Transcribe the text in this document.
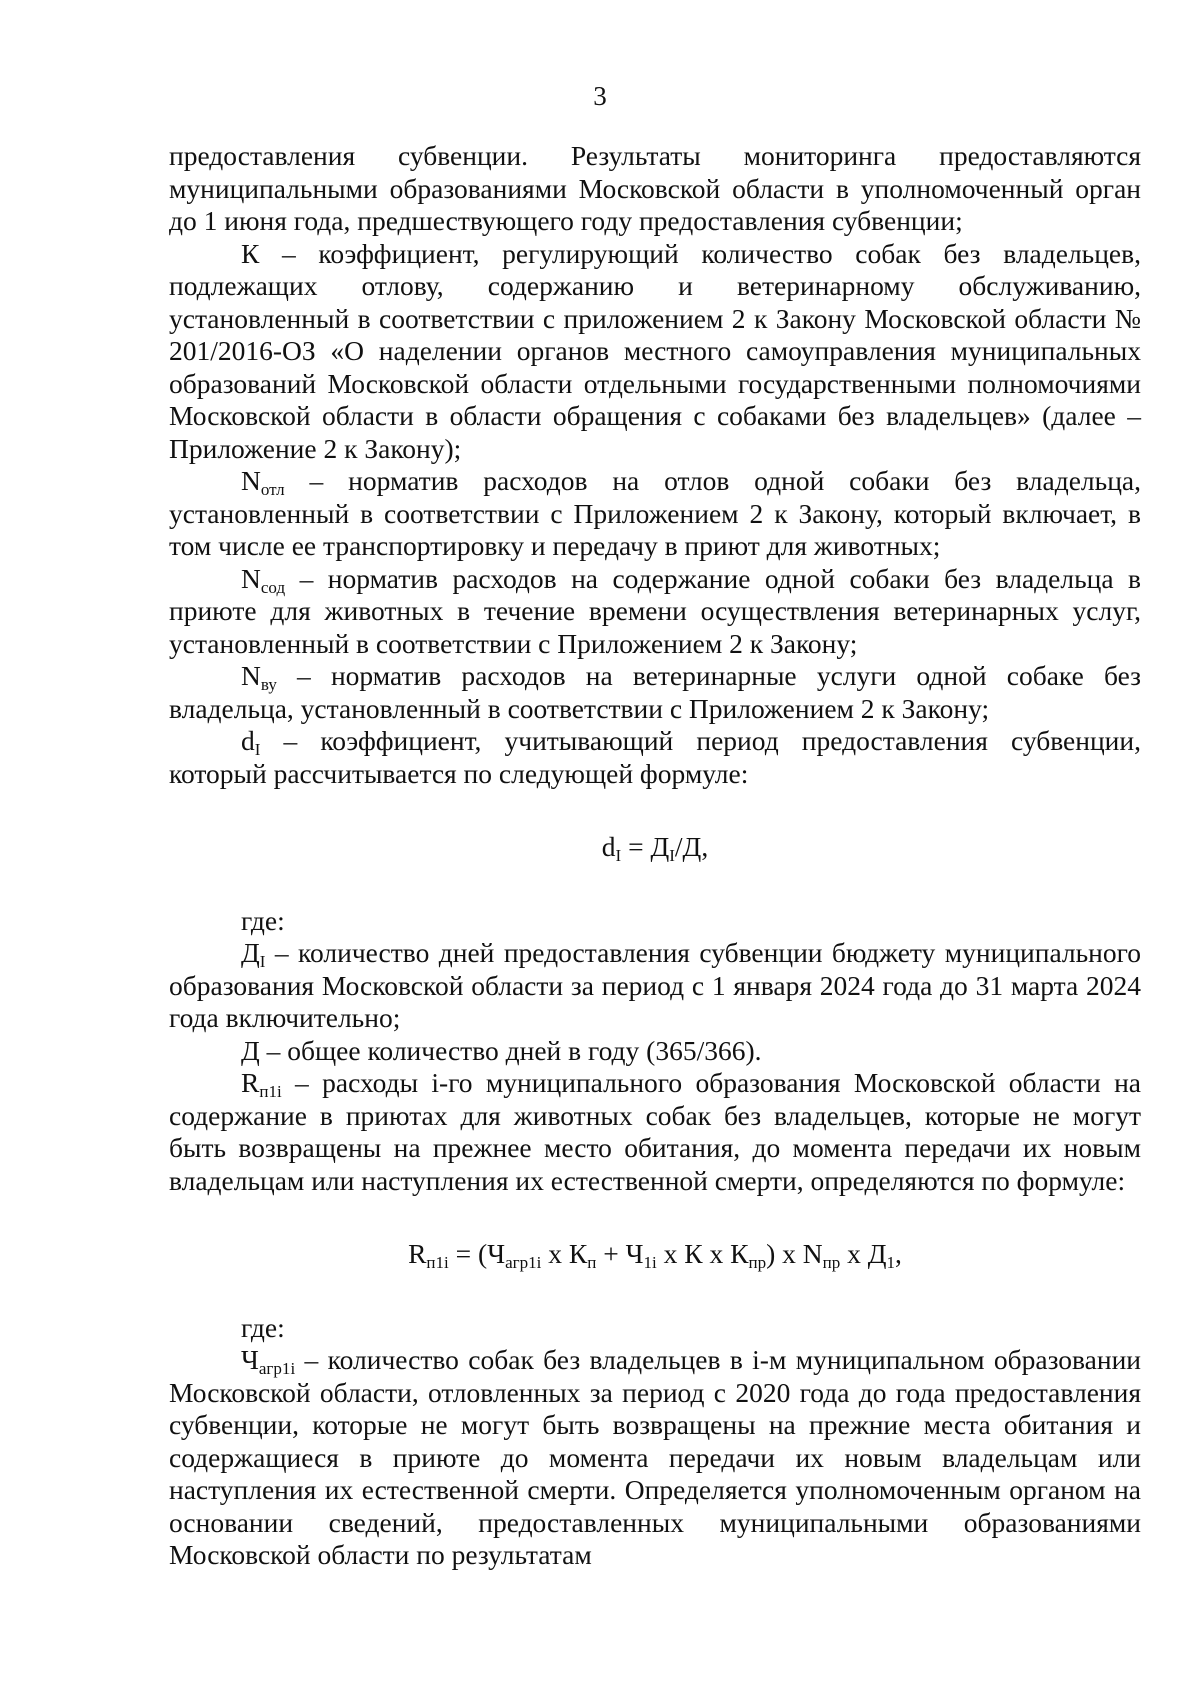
3

предоставления субвенции. Результаты мониторинга предоставляются муниципальными образованиями Московской области в уполномоченный орган до 1 июня года, предшествующего году предоставления субвенции;

К – коэффициент, регулирующий количество собак без владельцев, подлежащих отлову, содержанию и ветеринарному обслуживанию, установленный в соответствии с приложением 2 к Закону Московской области № 201/2016-ОЗ «О наделении органов местного самоуправления муниципальных образований Московской области отдельными государственными полномочиями Московской области в области обращения с собаками без владельцев» (далее – Приложение 2 к Закону);

$N_{отл}$ – норматив расходов на отлов одной собаки без владельца, установленный в соответствии с Приложением 2 к Закону, который включает, в том числе ее транспортировку и передачу в приют для животных;

$N_{сод}$ – норматив расходов на содержание одной собаки без владельца в приюте для животных в течение времени осуществления ветеринарных услуг, установленный в соответствии с Приложением 2 к Закону;

$N_{ву}$ – норматив расходов на ветеринарные услуги одной собаке без владельца, установленный в соответствии с Приложением 2 к Закону;

$d_I$ – коэффициент, учитывающий период предоставления субвенции, который рассчитывается по следующей формуле:

$d_I = Д_I/Д$,

где:

$Д_I$ – количество дней предоставления субвенции бюджету муниципального образования Московской области за период с 1 января 2024 года до 31 марта 2024 года включительно;

Д – общее количество дней в году (365/366).

$R_{п1i}$ – расходы i-го муниципального образования Московской области на содержание в приютах для животных собак без владельцев, которые не могут быть возвращены на прежнее место обитания, до момента передачи их новым владельцам или наступления их естественной смерти, определяются по формуле:

$R_{п1i} = (Ч_{агр1i}$ х $К_п + Ч_{1i}$ х К х $К_{пр}$) х $N_{пр}$ х $Д_1$,

где:

$Ч_{агр1i}$ – количество собак без владельцев в i-м муниципальном образовании Московской области, отловленных за период с 2020 года до года предоставления субвенции, которые не могут быть возвращены на прежние места обитания и содержащиеся в приюте до момента передачи их новым владельцам или наступления их естественной смерти. Определяется уполномоченным органом на основании сведений, предоставленных муниципальными образованиями Московской области по результатам
